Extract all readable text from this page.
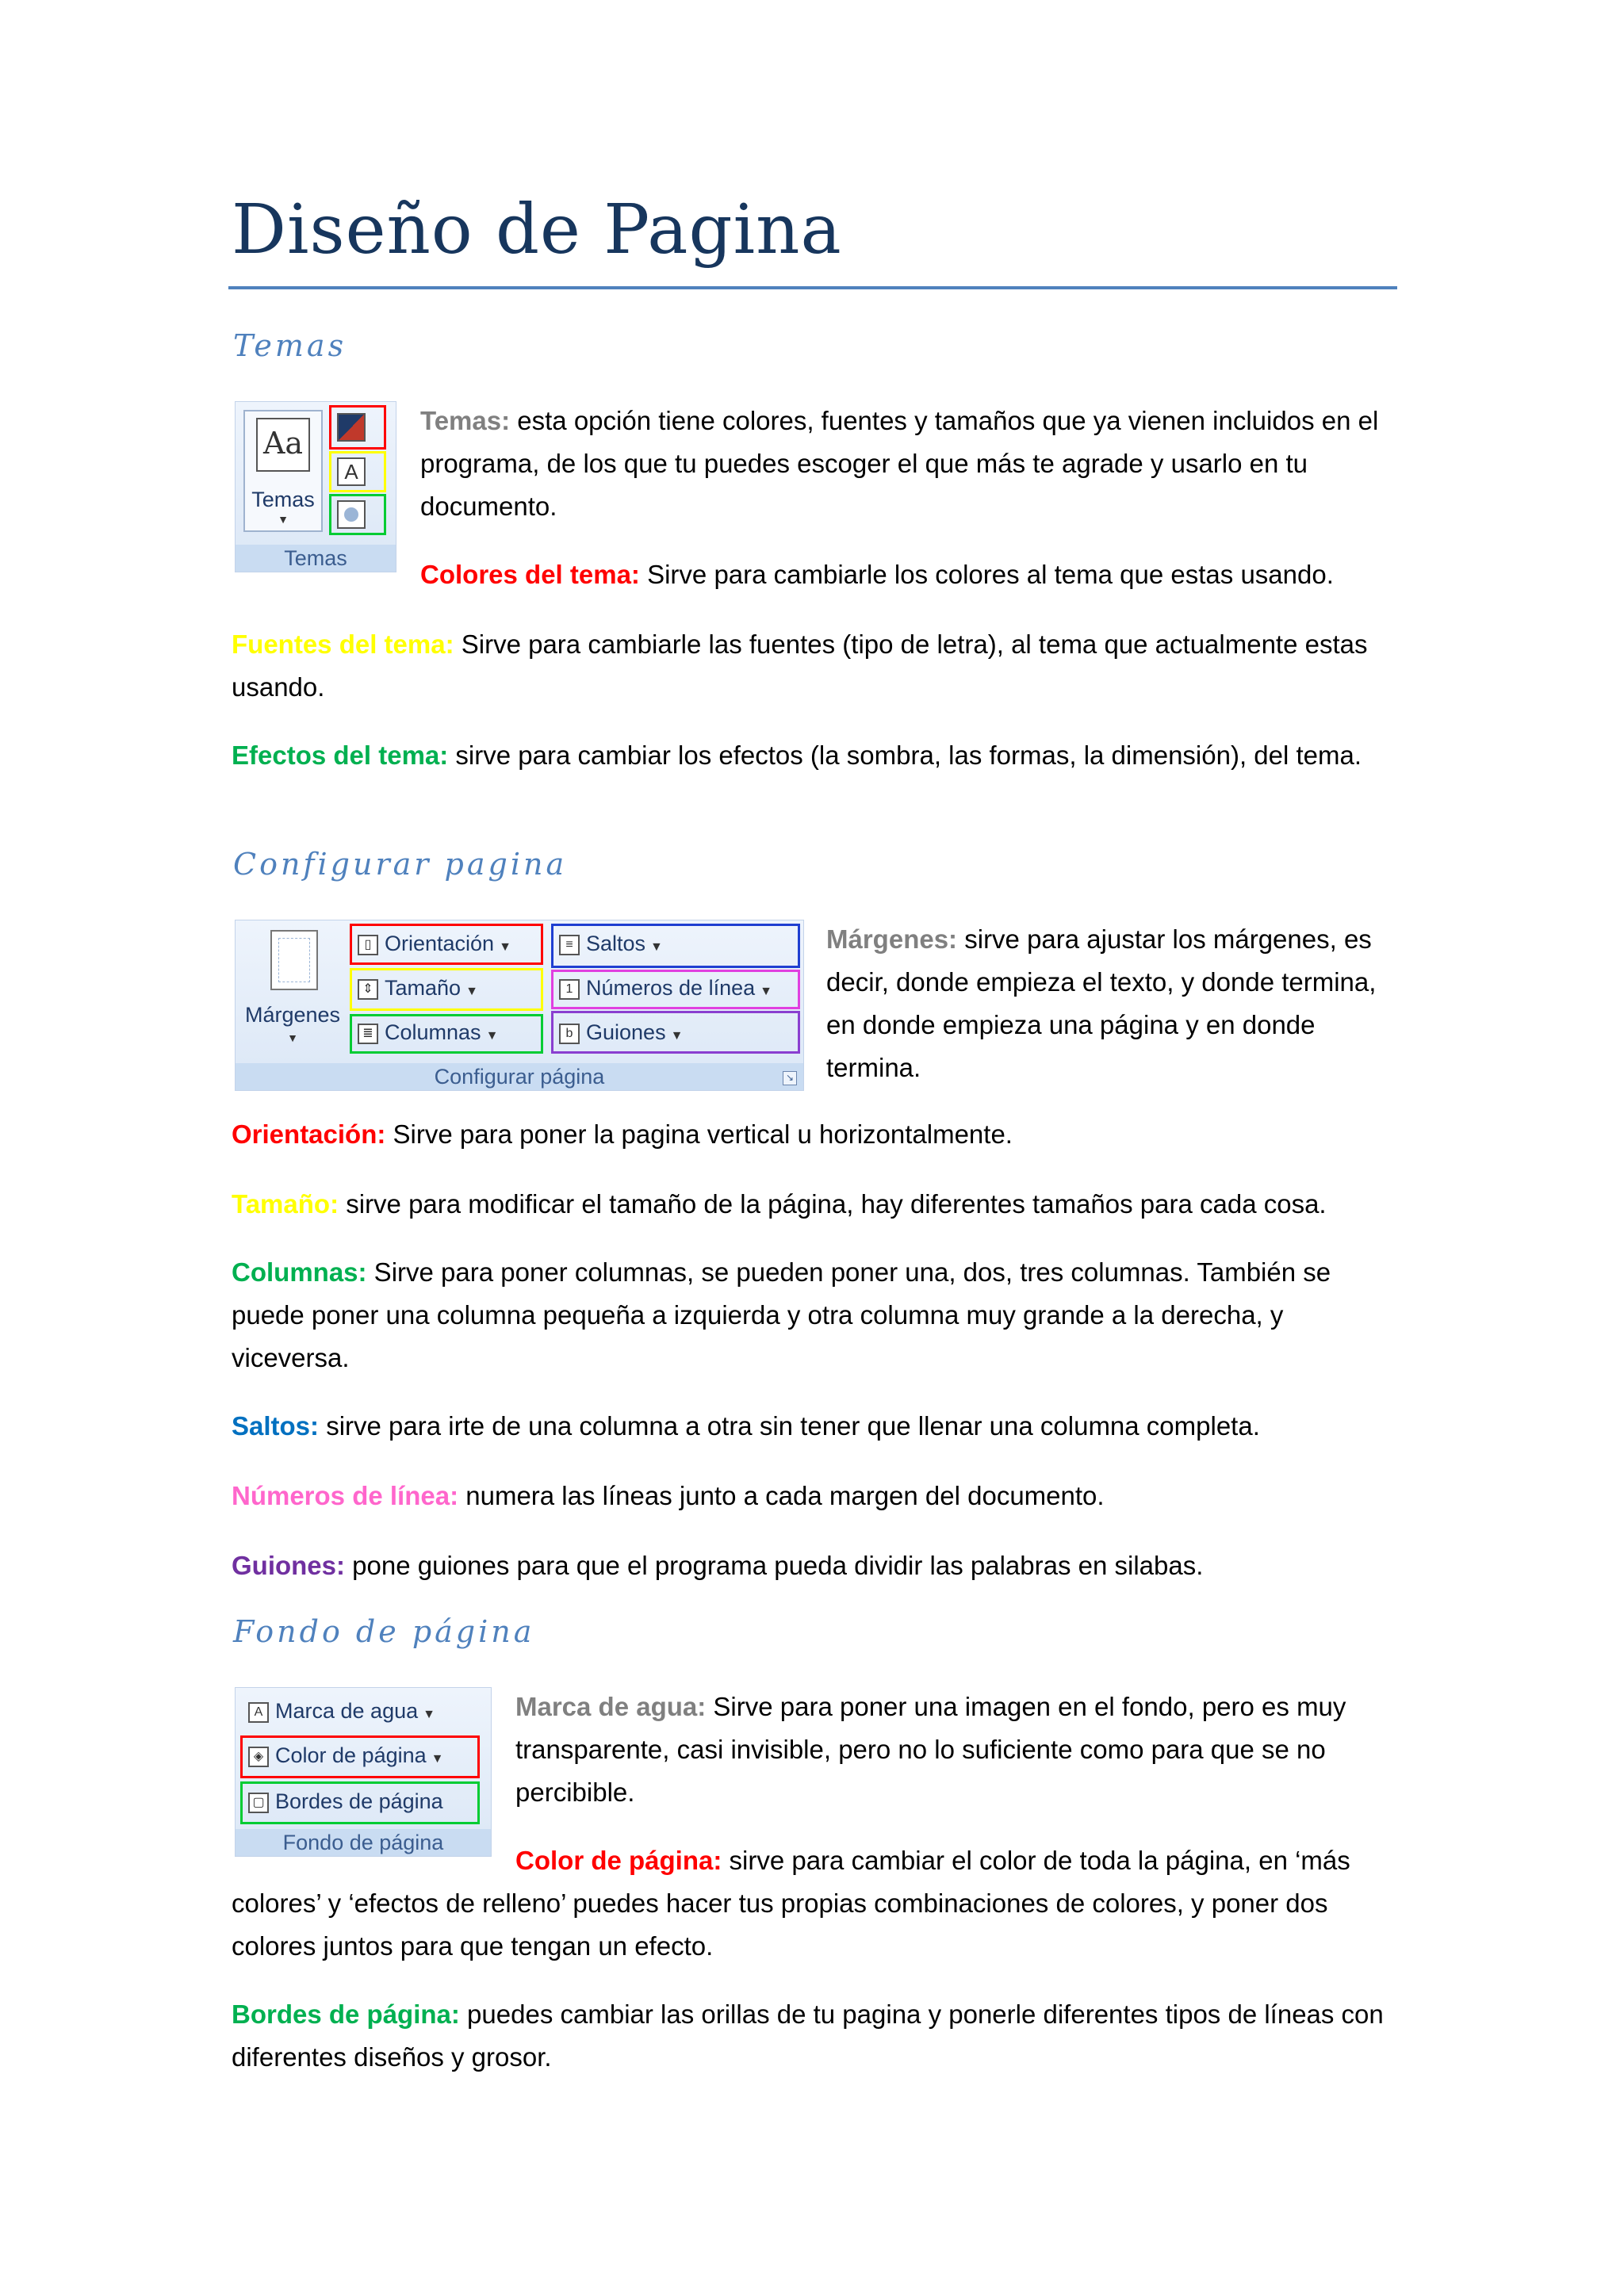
Diseño de Pagina
Temas
Aa
Temas
▼
A
Temas
Temas: esta opción tiene colores, fuentes y tamaños que ya vienen incluidos en el programa, de los que tu puedes escoger el que más te agrade y usarlo en tu documento.
Colores del tema: Sirve para cambiarle los colores al tema que estas usando.
Fuentes del tema: Sirve para cambiarle las fuentes (tipo de letra), al tema que actualmente estas usando.
Efectos del tema: sirve para cambiar los efectos (la sombra, las formas, la dimensión), del tema.
Configurar pagina
Márgenes
▼
▯ Orientación ▼
⇕ Tamaño ▼
≣ Columnas ▼
≡ Saltos ▼
1 Números de línea ▼
b Guiones ▼
Configurar página	↘
Márgenes: sirve para ajustar los márgenes, es decir, donde empieza el texto, y donde termina, en donde empieza una página y en donde termina.
Orientación: Sirve para poner la pagina vertical u horizontalmente.
Tamaño: sirve para modificar el tamaño de la página, hay diferentes tamaños para cada cosa.
Columnas: Sirve para poner columnas, se pueden poner una, dos, tres columnas. También se puede poner una columna pequeña a izquierda y otra columna muy grande a la derecha, y viceversa.
Saltos: sirve para irte de una columna a otra sin tener que llenar una columna completa.
Números de línea: numera las líneas junto a cada margen del documento.
Guiones: pone guiones para que el programa pueda dividir las palabras en silabas.
Fondo de página
A Marca de agua ▼
◈ Color de página ▼
▢ Bordes de página
Fondo de página
Marca de agua: Sirve para poner una imagen en el fondo, pero es muy transparente, casi invisible, pero no lo suficiente como para que se no percibible.
Color de página: sirve para cambiar el color de toda la página, en ‘más colores’ y ‘efectos de relleno’ puedes hacer tus propias combinaciones de colores, y poner dos colores juntos para que tengan un efecto.
Bordes de página: puedes cambiar las orillas de tu pagina y ponerle diferentes tipos de líneas con diferentes diseños y grosor.
